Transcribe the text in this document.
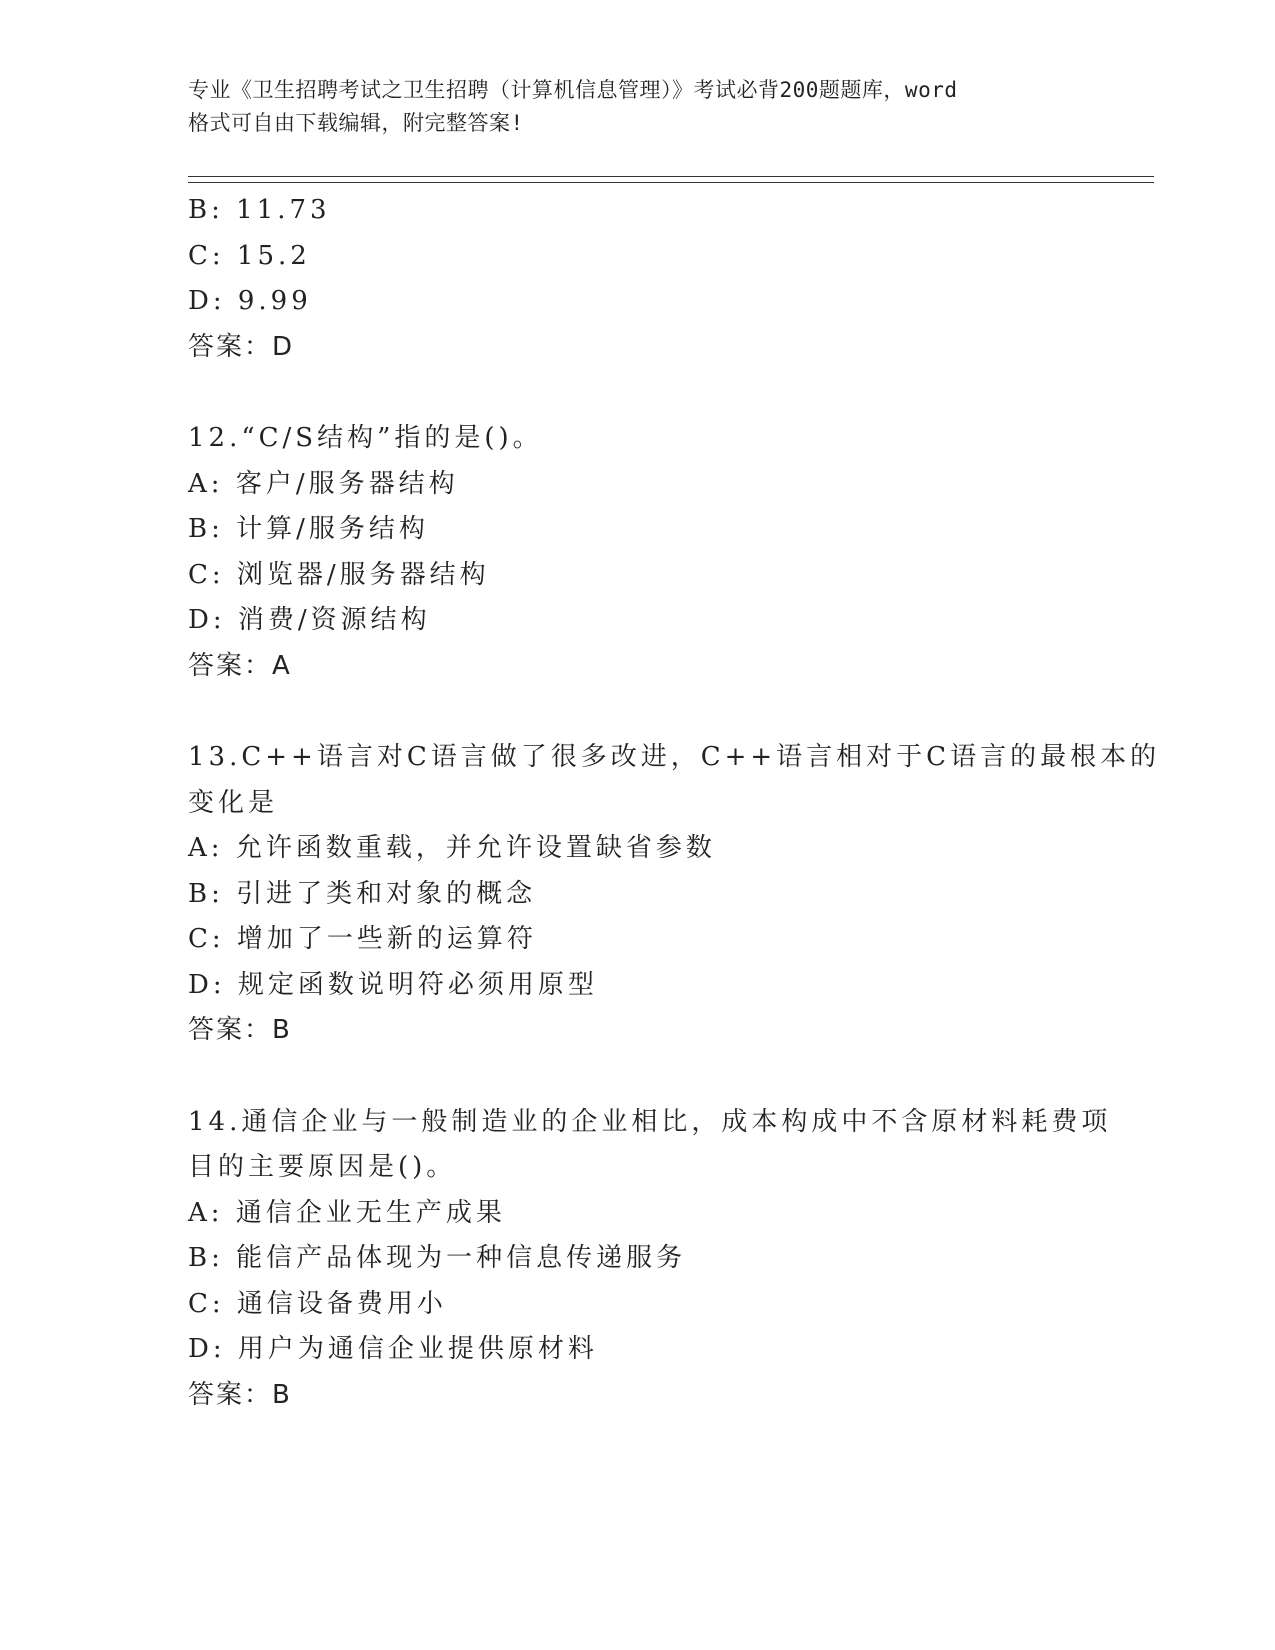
专业《卫生招聘考试之卫生招聘（计算机信息管理）》考试必背200题题库，word
格式可自由下载编辑，附完整答案!
B: 11.73
C: 15.2
D: 9.99
答案：D
12.“C/S结构”指的是()。
A: 客户/服务器结构
B: 计算/服务结构
C: 浏览器/服务器结构
D: 消费/资源结构
答案：A
13.C++语言对C语言做了很多改进，C++语言相对于C语言的最根本的
变化是
A: 允许函数重载，并允许设置缺省参数
B: 引进了类和对象的概念
C: 增加了一些新的运算符
D: 规定函数说明符必须用原型
答案：B
14.通信企业与一般制造业的企业相比，成本构成中不含原材料耗费项
目的主要原因是()。
A: 通信企业无生产成果
B: 能信产品体现为一种信息传递服务
C: 通信设备费用小
D: 用户为通信企业提供原材料
答案：B
